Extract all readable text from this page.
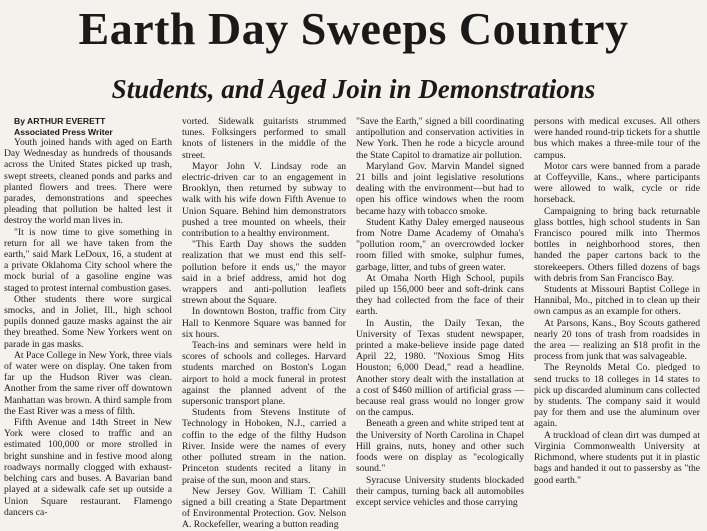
Earth Day Sweeps Country
Students, and Aged Join in Demonstrations

By ARTHUR EVERETT

Associated Press Writer

Youth joined hands with aged on Earth Day Wednesday as hundreds of thousands across the United States picked up trash, swept streets, cleaned ponds and parks and planted flowers and trees. There were parades, demonstrations and speeches pleading that pollution be halted lest it destroy the world man lives in.

"It is now time to give something in return for all we have taken from the earth," said Mark LeDoux, 16, a student at a private Oklahoma City school where the mock burial of a gasoline engine was staged to protest internal combustion gases.

Other students there wore surgical smocks, and in Joliet, Ill., high school pupils donned gauze masks against the air they breathed. Some New Yorkers went on parade in gas masks.

At Pace College in New York, three vials of water were on display. One taken from far up the Hudson River was clean. Another from the same river off downtown Manhattan was brown. A third sample from the East River was a mess of filth.

Fifth Avenue and 14th Street in New York were closed to traffic and an estimated 100,000 or more strolled in bright sunshine and in festive mood along roadways normally clogged with exhaust-belching cars and buses. A Bavarian band played at a sidewalk cafe set up outside a Union Square restaurant. Flamengo dancers ca-

vorted. Sidewalk guitarists strummed tunes. Folksingers performed to small knots of listeners in the middle of the street.

Mayor John V. Lindsay rode an electric-driven car to an engagement in Brooklyn, then returned by subway to walk with his wife down Fifth Avenue to Union Square. Behind him demonstrators pushed a tree mounted on wheels, their contribution to a healthy environment.

"This Earth Day shows the sudden realization that we must end this self-pollution before it ends us," the mayor said in a brief address, amid hot dog wrappers and anti-pollution leaflets strewn about the Square.

In downtown Boston, traffic from City Hall to Kenmore Square was banned for six hours.

Teach-ins and seminars were held in scores of schools and colleges. Harvard students marched on Boston's Logan airport to hold a mock funeral in protest against the planned advent of the supersonic transport plane.

Students from Stevens Institute of Technology in Hoboken, N.J., carried a coffin to the edge of the filthy Hudson River. Inside were the names of every other polluted stream in the nation. Princeton students recited a litany in praise of the sun, moon and stars.

New Jersey Gov. William T. Cahill signed a bill creating a State Department of Environmental Protection. Gov. Nelson A. Rockefeller, wearing a button reading

"Save the Earth," signed a bill coordinating antipollution and conservation activities in New York. Then he rode a bicycle around the State Capitol to dramatize air pollution.

Maryland Gov. Marvin Mandel signed 21 bills and joint legislative resolutions dealing with the environment—but had to open his office windows when the room became hazy with tobacco smoke.

Student Kathy Daley emerged nauseous from Notre Dame Academy of Omaha's "pollution room," an overcrowded locker room filled with smoke, sulphur fumes, garbage, litter, and tubs of green water.

At Omaha North High School, pupils piled up 156,000 beer and soft-drink cans they had collected from the face of their earth.

In Austin, the Daily Texan, the University of Texas student newspaper, printed a make-believe inside page dated April 22, 1980. "Noxious Smog Hits Houston; 6,000 Dead," read a headline. Another story dealt with the installation at a cost of $460 million of artificial grass — because real grass would no longer grow on the campus.

Beneath a green and white striped tent at the University of North Carolina in Chapel Hill grains, nuts, honey and other such foods were on display as "ecologically sound."

Syracuse University students blockaded their campus, turning back all automobiles except service vehicles and those carrying

persons with medical excuses. All others were handed round-trip tickets for a shuttle bus which makes a three-mile tour of the campus.

Motor cars were banned from a parade at Coffeyville, Kans., where participants were allowed to walk, cycle or ride horseback.

Campaigning to bring back returnable glass bottles, high school students in San Francisco poured milk into Thermos bottles in neighborhood stores, then handed the paper cartons back to the storekeepers. Others filled dozens of bags with debris from San Francisco Bay.

Students at Missouri Baptist College in Hannibal, Mo., pitched in to clean up their own campus as an example for others.

At Parsons, Kans., Boy Scouts gathered nearly 20 tons of trash from roadsides in the area — realizing an $18 profit in the process from junk that was salvageable.

The Reynolds Metal Co. pledged to send trucks to 18 colleges in 14 states to pick up discarded aluminum cans collected by students. The company said it would pay for them and use the aluminum over again.

A truckload of clean dirt was dumped at Virginia Commonwealth University at Richmond, where students put it in plastic bags and handed it out to passersby as "the good earth."
